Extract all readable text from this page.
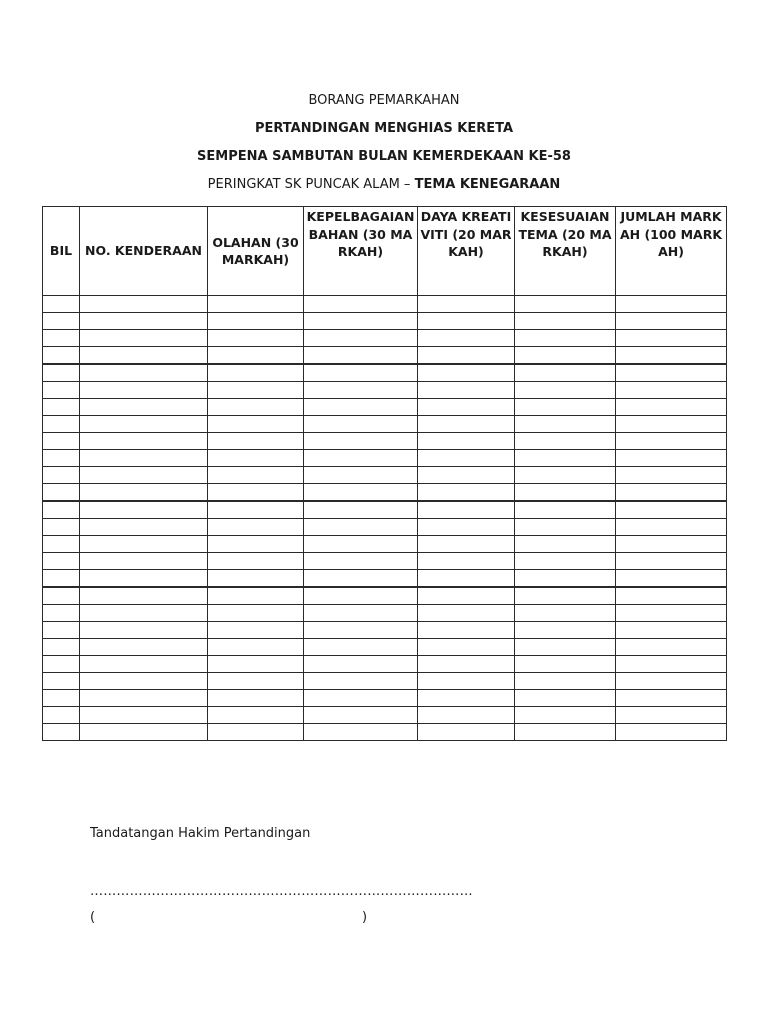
BORANG PEMARKAHAN
PERTANDINGAN MENGHIAS KERETA
SEMPENA SAMBUTAN BULAN KEMERDEKAAN KE-58
PERINGKAT SK PUNCAK ALAM – TEMA KENEGARAAN
BIL	NO. KENDERAAN	OLAHAN (30 MARKAH)	KEPELBAGAIAN BAHAN (30 MARKAH)	DAYA KREATIVITI (20 MARKAH)	KESESUAIAN TEMA (20 MARKAH)	JUMLAH MARKAH (100 MARKAH)

Tandatangan Hakim Pertandingan
……………………………………………………………………………
(	)
